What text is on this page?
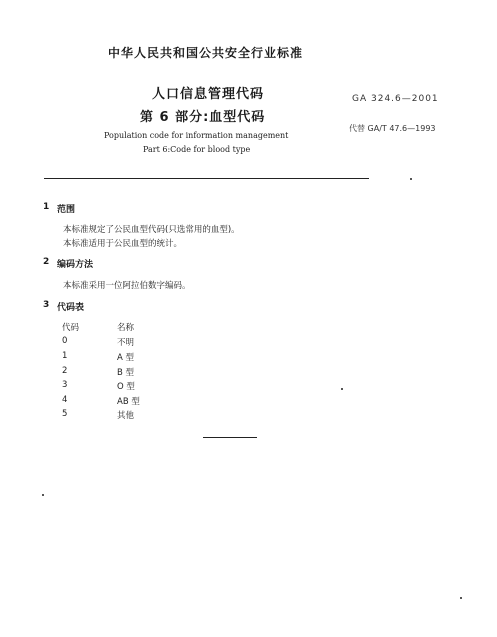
中华人民共和国公共安全行业标准
人口信息管理代码
第 6 部分:血型代码
GA 324.6—2001
代替 GA/T 47.6—1993
Population code for information management
Part 6:Code for blood type
1 范围
本标准规定了公民血型代码(只选常用的血型)。
本标准适用于公民血型的统计。
2 编码方法
本标准采用一位阿拉伯数字编码。
3 代码表
代码	名称
0	不明
1	A 型
2	B 型
3	O 型
4	AB 型
5	其他
